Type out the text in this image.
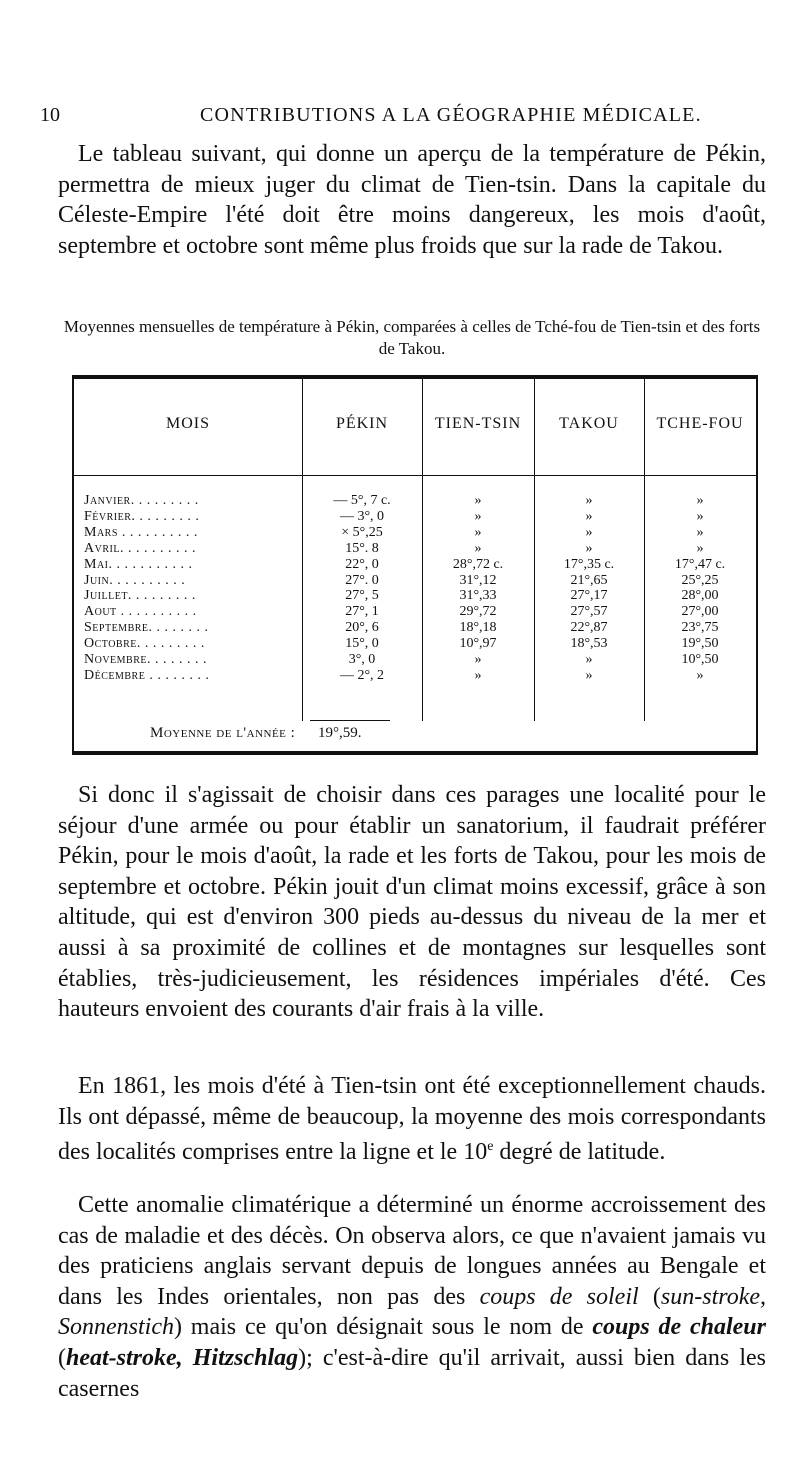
10	CONTRIBUTIONS A LA GÉOGRAPHIE MÉDICALE.

Le tableau suivant, qui donne un aperçu de la température de Pékin, permettra de mieux juger du climat de Tien-tsin. Dans la capitale du Céleste-Empire l'été doit être moins dangereux, les mois d'août, septembre et octobre sont même plus froids que sur la rade de Takou.

Moyennes mensuelles de température à Pékin, comparées à celles de Tché-fou de Tien-tsin et des forts de Takou.

MOIS	PÉKIN	TIEN-TSIN	TAKOU	TCHE-FOU
Janvier. . . . . . . . .	— 5°, 7 c.	»	»	»
Février. . . . . . . . .	— 3°, 0	»	»	»
Mars . . . . . . . . . .	× 5°,25	»	»	»
Avril. . . . . . . . . .	15°. 8	»	»	»
Mai. . . . . . . . . . .	22°, 0	28°,72 c.	17°,35 c.	17°,47 c.
Juin. . . . . . . . . .	27°. 0	31°,12	21°,65	25°,25
Juillet. . . . . . . . .	27°, 5	31°,33	27°,17	28°,00
Aout . . . . . . . . . .	27°, 1	29°,72	27°,57	27°,00
Septembre. . . . . . . .	20°, 6	18°,18	22°,87	23°,75
Octobre. . . . . . . . .	15°, 0	10°,97	18°,53	19°,50
Novembre. . . . . . . .	3°, 0	»	»	10°,50
Décembre . . . . . . . .	— 2°, 2	»	»	»
Moyenne de l'année : 19°,59.

Si donc il s'agissait de choisir dans ces parages une localité pour le séjour d'une armée ou pour établir un sanatorium, il faudrait préférer Pékin, pour le mois d'août, la rade et les forts de Takou, pour les mois de septembre et octobre. Pékin jouit d'un climat moins excessif, grâce à son altitude, qui est d'environ 300 pieds au-dessus du niveau de la mer et aussi à sa proximité de collines et de montagnes sur lesquelles sont établies, très-judicieusement, les résidences impériales d'été. Ces hauteurs envoient des courants d'air frais à la ville.

En 1861, les mois d'été à Tien-tsin ont été exceptionnellement chauds. Ils ont dépassé, même de beaucoup, la moyenne des mois correspondants des localités comprises entre la ligne et le 10e degré de latitude.

Cette anomalie climatérique a déterminé un énorme accroissement des cas de maladie et des décès. On observa alors, ce que n'avaient jamais vu des praticiens anglais servant depuis de longues années au Bengale et dans les Indes orientales, non pas des coups de soleil (sun-stroke, Sonnenstich) mais ce qu'on désignait sous le nom de coups de chaleur (heat-stroke, Hitzschlag); c'est-à-dire qu'il arrivait, aussi bien dans les casernes
